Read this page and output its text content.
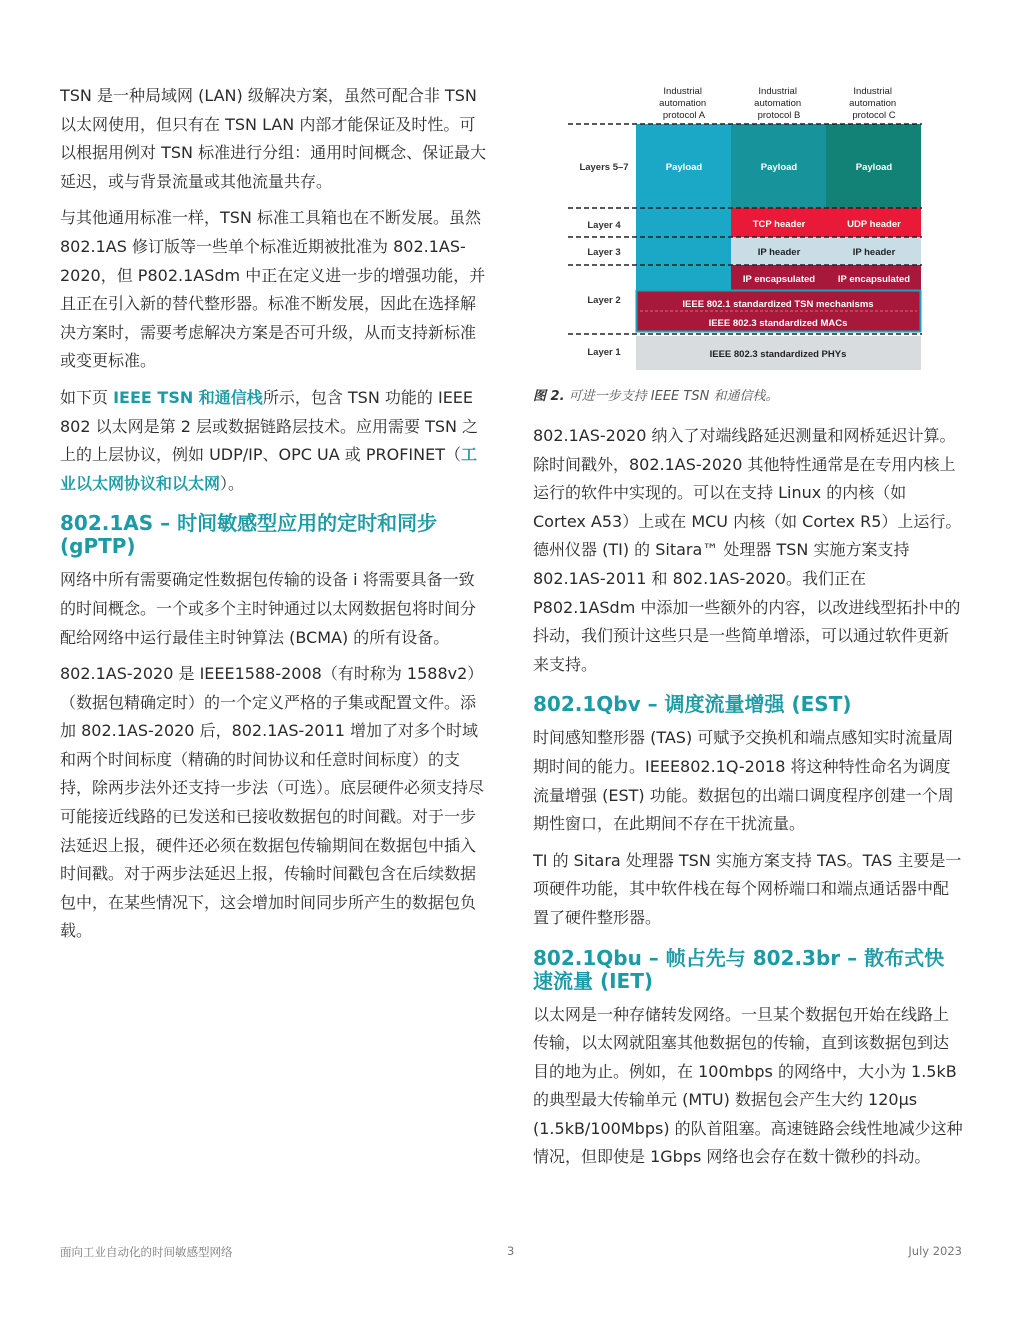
TSN 是一种局域网 (LAN) 级解决方案，虽然可配合非 TSN 以太网使用，但只有在 TSN LAN 内部才能保证及时性。可以根据用例对 TSN 标准进行分组：通用时间概念、保证最大延迟，或与背景流量或其他流量共存。

与其他通用标准一样，TSN 标准工具箱也在不断发展。虽然 802.1AS 修订版等一些单个标准近期被批准为 802.1AS-2020，但 P802.1ASdm 中正在定义进一步的增强功能，并且正在引入新的替代整形器。标准不断发展，因此在选择解决方案时，需要考虑解决方案是否可升级，从而支持新标准或变更标准。

如下页 IEEE TSN 和通信栈所示，包含 TSN 功能的 IEEE 802 以太网是第 2 层或数据链路层技术。应用需要 TSN 之上的上层协议，例如 UDP/IP、OPC UA 或 PROFINET（工业以太网协议和以太网）。

802.1AS – 时间敏感型应用的定时和同步 (gPTP)

网络中所有需要确定性数据包传输的设备 i 将需要具备一致的时间概念。一个或多个主时钟通过以太网数据包将时间分配给网络中运行最佳主时钟算法 (BCMA) 的所有设备。

802.1AS-2020 是 IEEE1588-2008（有时称为 1588v2）（数据包精确定时）的一个定义严格的子集或配置文件。添加 802.1AS-2020 后，802.1AS-2011 增加了对多个时域和两个时间标度（精确的时间协议和任意时间标度）的支持，除两步法外还支持一步法（可选）。底层硬件必须支持尽可能接近线路的已发送和已接收数据包的时间戳。对于一步法延迟上报，硬件还必须在数据包传输期间在数据包中插入时间戳。对于两步法延迟上报，传输时间戳包含在后续数据包中，在某些情况下，这会增加时间同步所产生的数据包负载。

Industrial automation protocol A
Industrial automation protocol B
Industrial automation protocol C
Layers 5–7
Layer 4
Layer 3
Layer 2
Layer 1
Payload	Payload	Payload
TCP header	UDP header
IP encapsulated IP encapsulated
IEEE 802.1 standardized TSN mechanisms
IEEE 802.3 standardized MACs
IP header	IP header
IEEE 802.3 standardized PHYs
图 2. 可进一步支持 IEEE TSN 和通信栈。

802.1AS-2020 纳入了对端线路延迟测量和网桥延迟计算。除时间戳外，802.1AS-2020 其他特性通常是在专用内核上运行的软件中实现的。可以在支持 Linux 的内核（如 Cortex A53）上或在 MCU 内核（如 Cortex R5）上运行。德州仪器 (TI) 的 Sitara™ 处理器 TSN 实施方案支持 802.1AS-2011 和 802.1AS-2020。我们正在 P802.1ASdm 中添加一些额外的内容，以改进线型拓扑中的抖动，我们预计这些只是一些简单增添，可以通过软件更新来支持。

802.1Qbv – 调度流量增强 (EST)

时间感知整形器 (TAS) 可赋予交换机和端点感知实时流量周期时间的能力。IEEE802.1Q-2018 将这种特性命名为调度流量增强 (EST) 功能。数据包的出端口调度程序创建一个周期性窗口，在此期间不存在干扰流量。

TI 的 Sitara 处理器 TSN 实施方案支持 TAS。TAS 主要是一项硬件功能，其中软件栈在每个网桥端口和端点通话器中配置了硬件整形器。

802.1Qbu – 帧占先与 802.3br – 散布式快速流量 (IET)

以太网是一种存储转发网络。一旦某个数据包开始在线路上传输，以太网就阻塞其他数据包的传输，直到该数据包到达目的地为止。例如，在 100mbps 的网络中，大小为 1.5kB 的典型最大传输单元 (MTU) 数据包会产生大约 120µs (1.5kB/100Mbps) 的队首阻塞。高速链路会线性地减少这种情况，但即使是 1Gbps 网络也会存在数十微秒的抖动。

面向工业自动化的时间敏感型网络	3	July 2023
